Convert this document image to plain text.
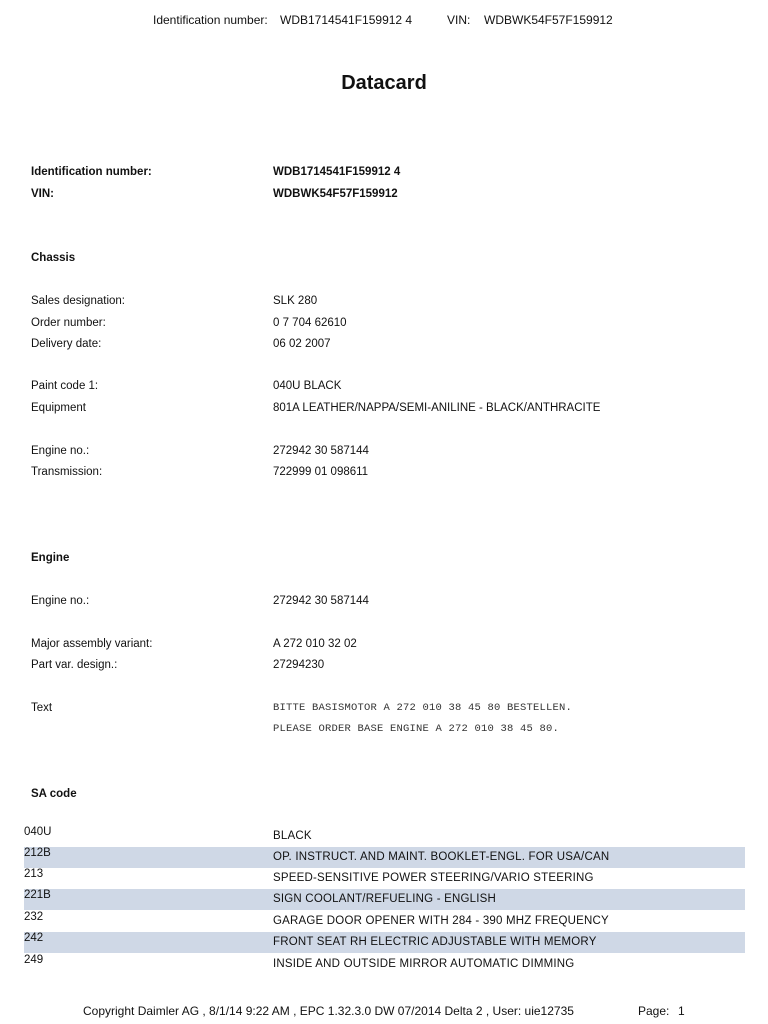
Identification number: WDB1714541F159912 4	VIN: WDBWK54F57F159912
Datacard
Identification number:	WDB1714541F159912 4
VIN:	WDBWK54F57F159912
Chassis
Sales designation:	SLK 280
Order number:	0 7 704 62610
Delivery date:	06 02 2007
Paint code 1:	040U BLACK
Equipment	801A LEATHER/NAPPA/SEMI-ANILINE - BLACK/ANTHRACITE
Engine no.:	272942 30 587144
Transmission:	722999 01 098611
Engine
Engine no.:	272942 30 587144
Major assembly variant:	A 272 010 32 02
Part var. design.:	27294230
Text	BITTE BASISMOTOR A 272 010 38 45 80 BESTELLEN.
PLEASE ORDER BASE ENGINE A 272 010 38 45 80.
SA code
040U	BLACK
212B	OP. INSTRUCT. AND MAINT. BOOKLET-ENGL. FOR USA/CAN
213	SPEED-SENSITIVE POWER STEERING/VARIO STEERING
221B	SIGN COOLANT/REFUELING - ENGLISH
232	GARAGE DOOR OPENER WITH 284 - 390 MHZ FREQUENCY
242	FRONT SEAT RH ELECTRIC ADJUSTABLE WITH MEMORY
249	INSIDE AND OUTSIDE MIRROR AUTOMATIC DIMMING
Copyright Daimler AG , 8/1/14 9:22 AM , EPC 1.32.3.0 DW 07/2014 Delta 2 , User: uie12735	Page: 1
